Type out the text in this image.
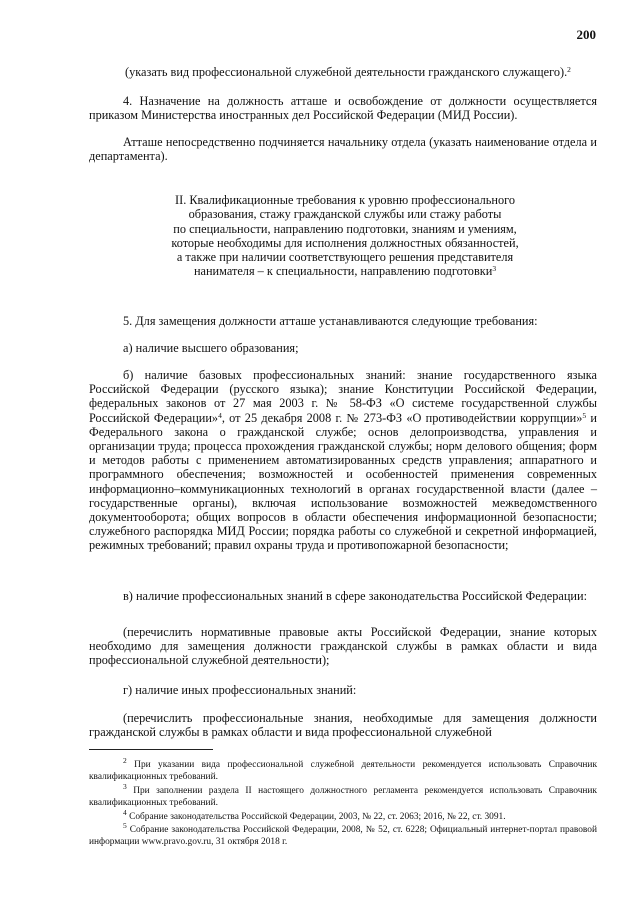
200

(указать вид профессиональной служебной деятельности гражданского служащего).$^2$

4. Назначение на должность атташе и освобождение от должности осуществляется приказом Министерства иностранных дел Российской Федерации (МИД России).

Атташе непосредственно подчиняется начальнику отдела (указать наименование отдела и департамента).

II. Квалификационные требования к уровню профессионального
образования, стажу гражданской службы или стажу работы
по специальности, направлению подготовки, знаниям и умениям,
которые необходимы для исполнения должностных обязанностей,
а также при наличии соответствующего решения представителя
нанимателя – к специальности, направлению подготовки$^3$

5. Для замещения должности атташе устанавливаются следующие требования:

а) наличие высшего образования;

б) наличие базовых профессиональных знаний: знание государственного языка Российской Федерации (русского языка); знание Конституции Российской Федерации, федеральных законов от 27 мая 2003 г. № 58-ФЗ «О системе государственной службы Российской Федерации»$^4$, от 25 декабря 2008 г. № 273-ФЗ «О противодействии коррупции»$^5$ и Федерального закона о гражданской службе; основ делопроизводства, управления и организации труда; процесса прохождения гражданской службы; норм делового общения; форм и методов работы с применением автоматизированных средств управления; аппаратного и программного обеспечения; возможностей и особенностей применения современных информационно–коммуникационных технологий в органах государственной власти (далее – государственные органы), включая использование возможностей межведомственного документооборота; общих вопросов в области обеспечения информационной безопасности; служебного распорядка МИД России; порядка работы со служебной и секретной информацией, режимных требований; правил охраны труда и противопожарной безопасности;

в) наличие профессиональных знаний в сфере законодательства Российской Федерации:

(перечислить нормативные правовые акты Российской Федерации, знание которых необходимо для замещения должности гражданской службы в рамках области и вида профессиональной служебной деятельности);

г) наличие иных профессиональных знаний:

(перечислить профессиональные знания, необходимые для замещения должности гражданской службы в рамках области и вида профессиональной служебной

$^2$ При указании вида профессиональной служебной деятельности рекомендуется использовать Справочник квалификационных требований.

$^3$ При заполнении раздела II настоящего должностного регламента рекомендуется использовать Справочник квалификационных требований.

$^4$ Собрание законодательства Российской Федерации, 2003, № 22, ст. 2063; 2016, № 22, ст. 3091.

$^5$ Собрание законодательства Российской Федерации, 2008, № 52, ст. 6228; Официальный интернет-портал правовой информации www.pravo.gov.ru, 31 октября 2018 г.
